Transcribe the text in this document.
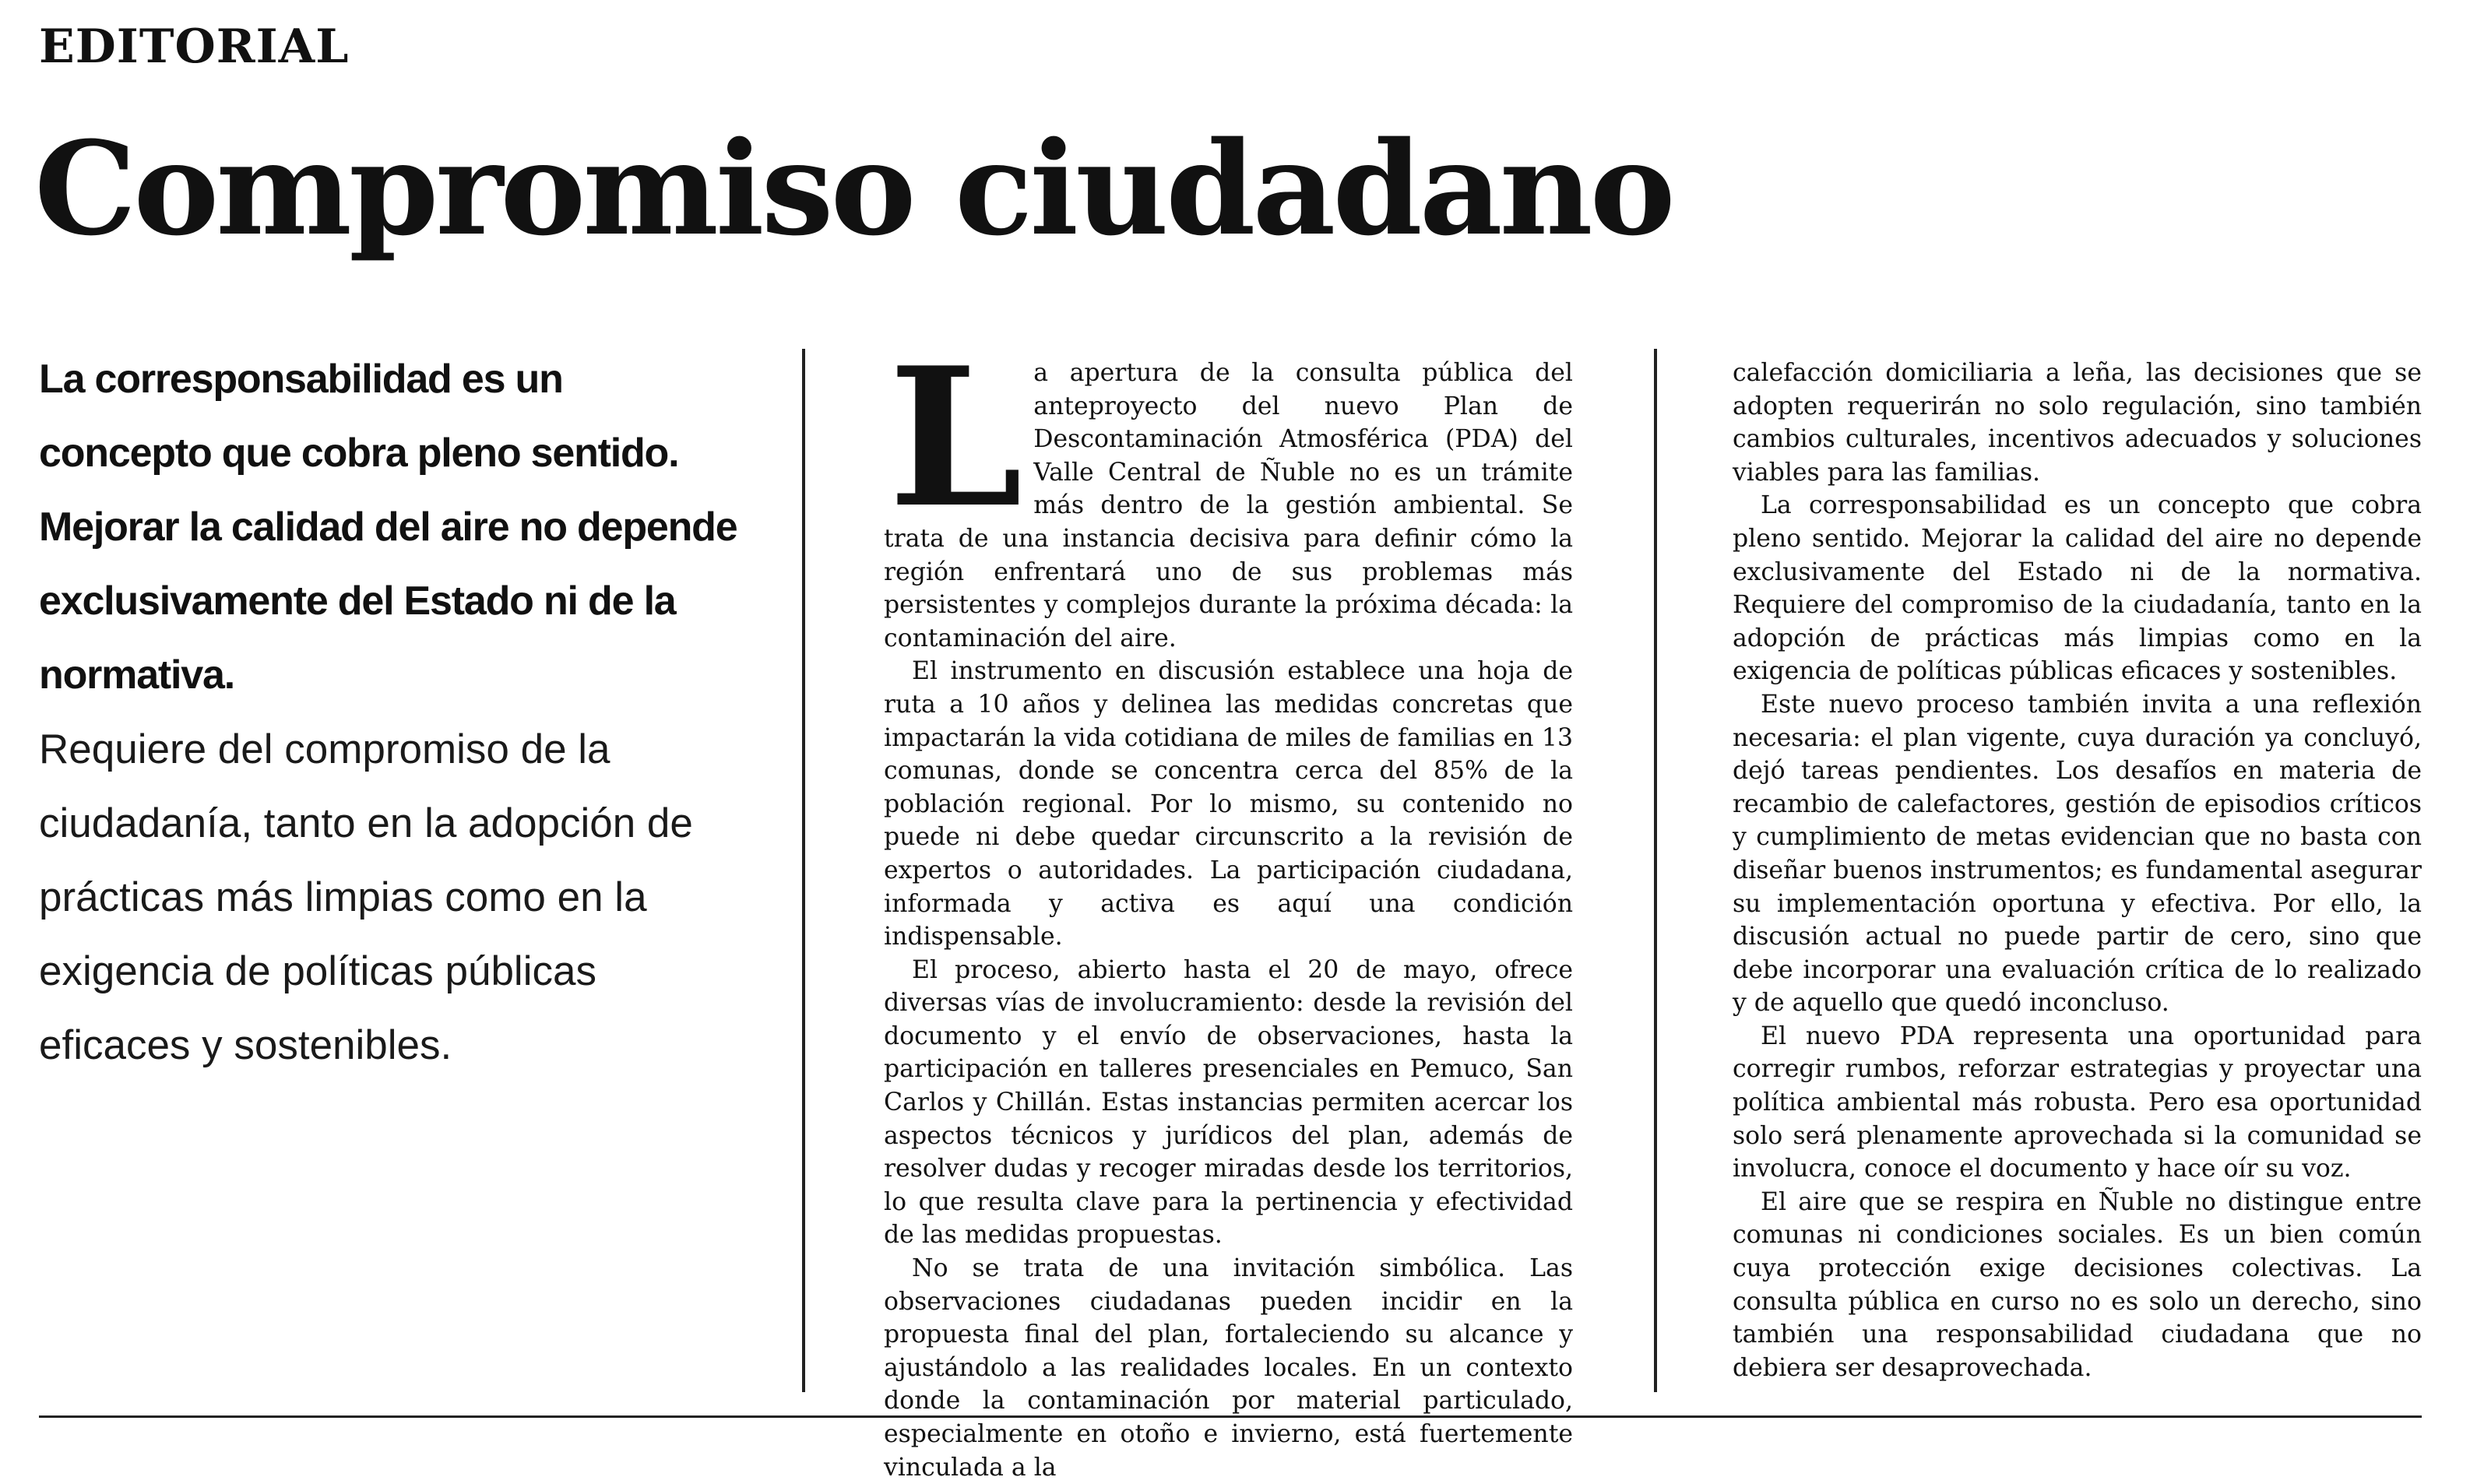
EDITORIAL
Compromiso ciudadano

La corresponsabilidad es un concepto que cobra pleno sentido. Mejorar la calidad del aire no depende exclusivamente del Estado ni de la normativa.

Requiere del compromiso de la ciudadanía, tanto en la adopción de prácticas más limpias como en la exigencia de políticas públicas eficaces y sostenibles.

La apertura de la consulta pública del anteproyecto del nuevo Plan de Descontaminación Atmosférica (PDA) del Valle Central de Ñuble no es un trámite más dentro de la gestión ambiental. Se trata de una instancia decisiva para definir cómo la región enfrentará uno de sus problemas más persistentes y complejos durante la próxima década: la contaminación del aire.

El instrumento en discusión establece una hoja de ruta a 10 años y delinea las medidas concretas que impactarán la vida cotidiana de miles de familias en 13 comunas, donde se concentra cerca del 85% de la población regional. Por lo mismo, su contenido no puede ni debe quedar circunscrito a la revisión de expertos o autoridades. La participación ciudadana, informada y activa es aquí una condición indispensable.

El proceso, abierto hasta el 20 de mayo, ofrece diversas vías de involucramiento: desde la revisión del documento y el envío de observaciones, hasta la participación en talleres presenciales en Pemuco, San Carlos y Chillán. Estas instancias permiten acercar los aspectos técnicos y jurídicos del plan, además de resolver dudas y recoger miradas desde los territorios, lo que resulta clave para la pertinencia y efectividad de las medidas propuestas.

No se trata de una invitación simbólica. Las observaciones ciudadanas pueden incidir en la propuesta final del plan, fortaleciendo su alcance y ajustándolo a las realidades locales. En un contexto donde la contaminación por material particulado, especialmente en otoño e invierno, está fuertemente vinculada a la

calefacción domiciliaria a leña, las decisiones que se adopten requerirán no solo regulación, sino también cambios culturales, incentivos adecuados y soluciones viables para las familias.

La corresponsabilidad es un concepto que cobra pleno sentido. Mejorar la calidad del aire no depende exclusivamente del Estado ni de la normativa. Requiere del compromiso de la ciudadanía, tanto en la adopción de prácticas más limpias como en la exigencia de políticas públicas eficaces y sostenibles.

Este nuevo proceso también invita a una reflexión necesaria: el plan vigente, cuya duración ya concluyó, dejó tareas pendientes. Los desafíos en materia de recambio de calefactores, gestión de episodios críticos y cumplimiento de metas evidencian que no basta con diseñar buenos instrumentos; es fundamental asegurar su implementación oportuna y efectiva. Por ello, la discusión actual no puede partir de cero, sino que debe incorporar una evaluación crítica de lo realizado y de aquello que quedó inconcluso.

El nuevo PDA representa una oportunidad para corregir rumbos, reforzar estrategias y proyectar una política ambiental más robusta. Pero esa oportunidad solo será plenamente aprovechada si la comunidad se involucra, conoce el documento y hace oír su voz.

El aire que se respira en Ñuble no distingue entre comunas ni condiciones sociales. Es un bien común cuya protección exige decisiones colectivas. La consulta pública en curso no es solo un derecho, sino también una responsabilidad ciudadana que no debiera ser desaprovechada.
